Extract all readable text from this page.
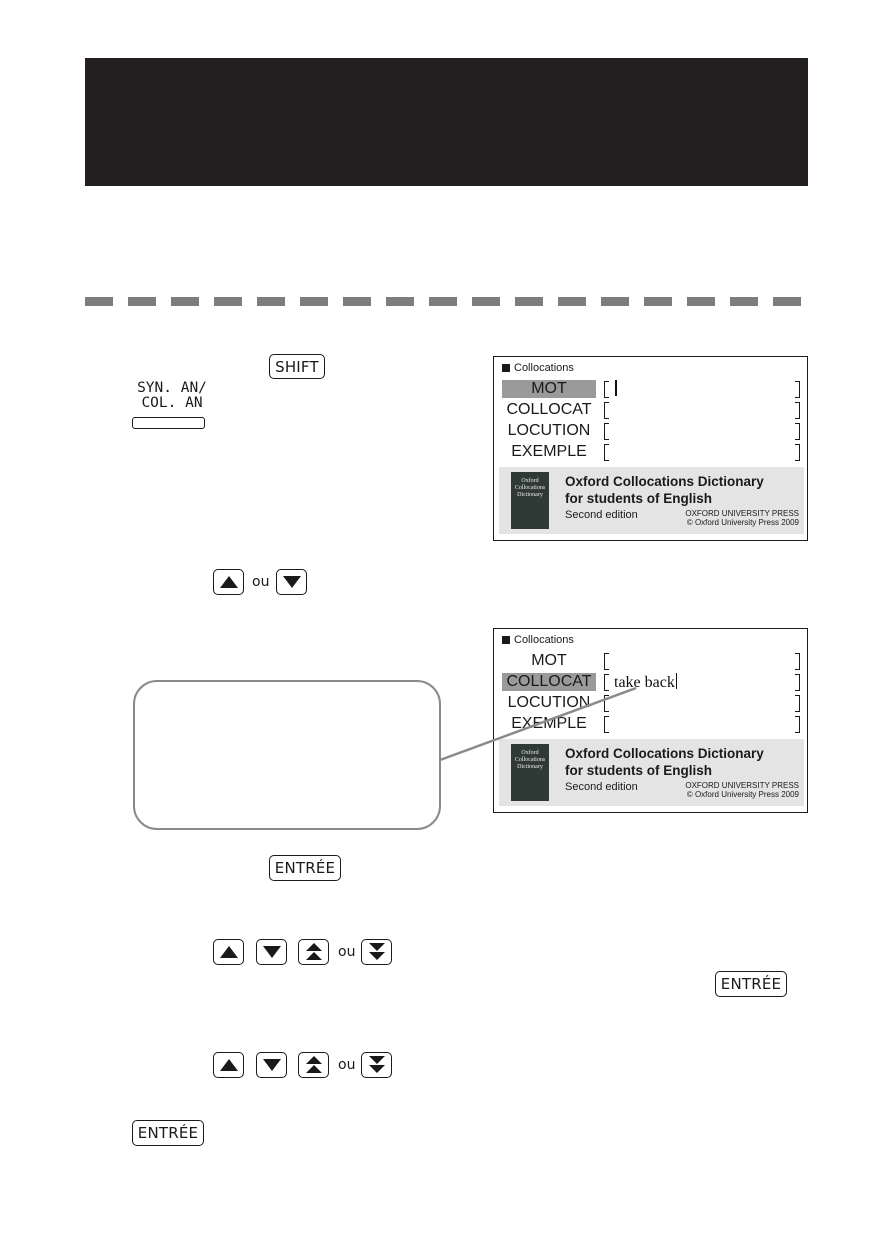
SHIFT
SYN. AN/
COL. AN
Collocations
MOT
COLLOCAT
LOCUTION
EXEMPLE
Oxford Collocations Dictionary
Oxford Collocations Dictionary
for students of English
Second edition	OXFORD UNIVERSITY PRESS
© Oxford University Press 2009
ou
Collocations
MOT
COLLOCAT take back
LOCUTION
EXEMPLE
Oxford Collocations Dictionary
Oxford Collocations Dictionary
for students of English
Second edition	OXFORD UNIVERSITY PRESS
© Oxford University Press 2009
ENTRÉE
ou
ENTRÉE
ou
ENTRÉE
